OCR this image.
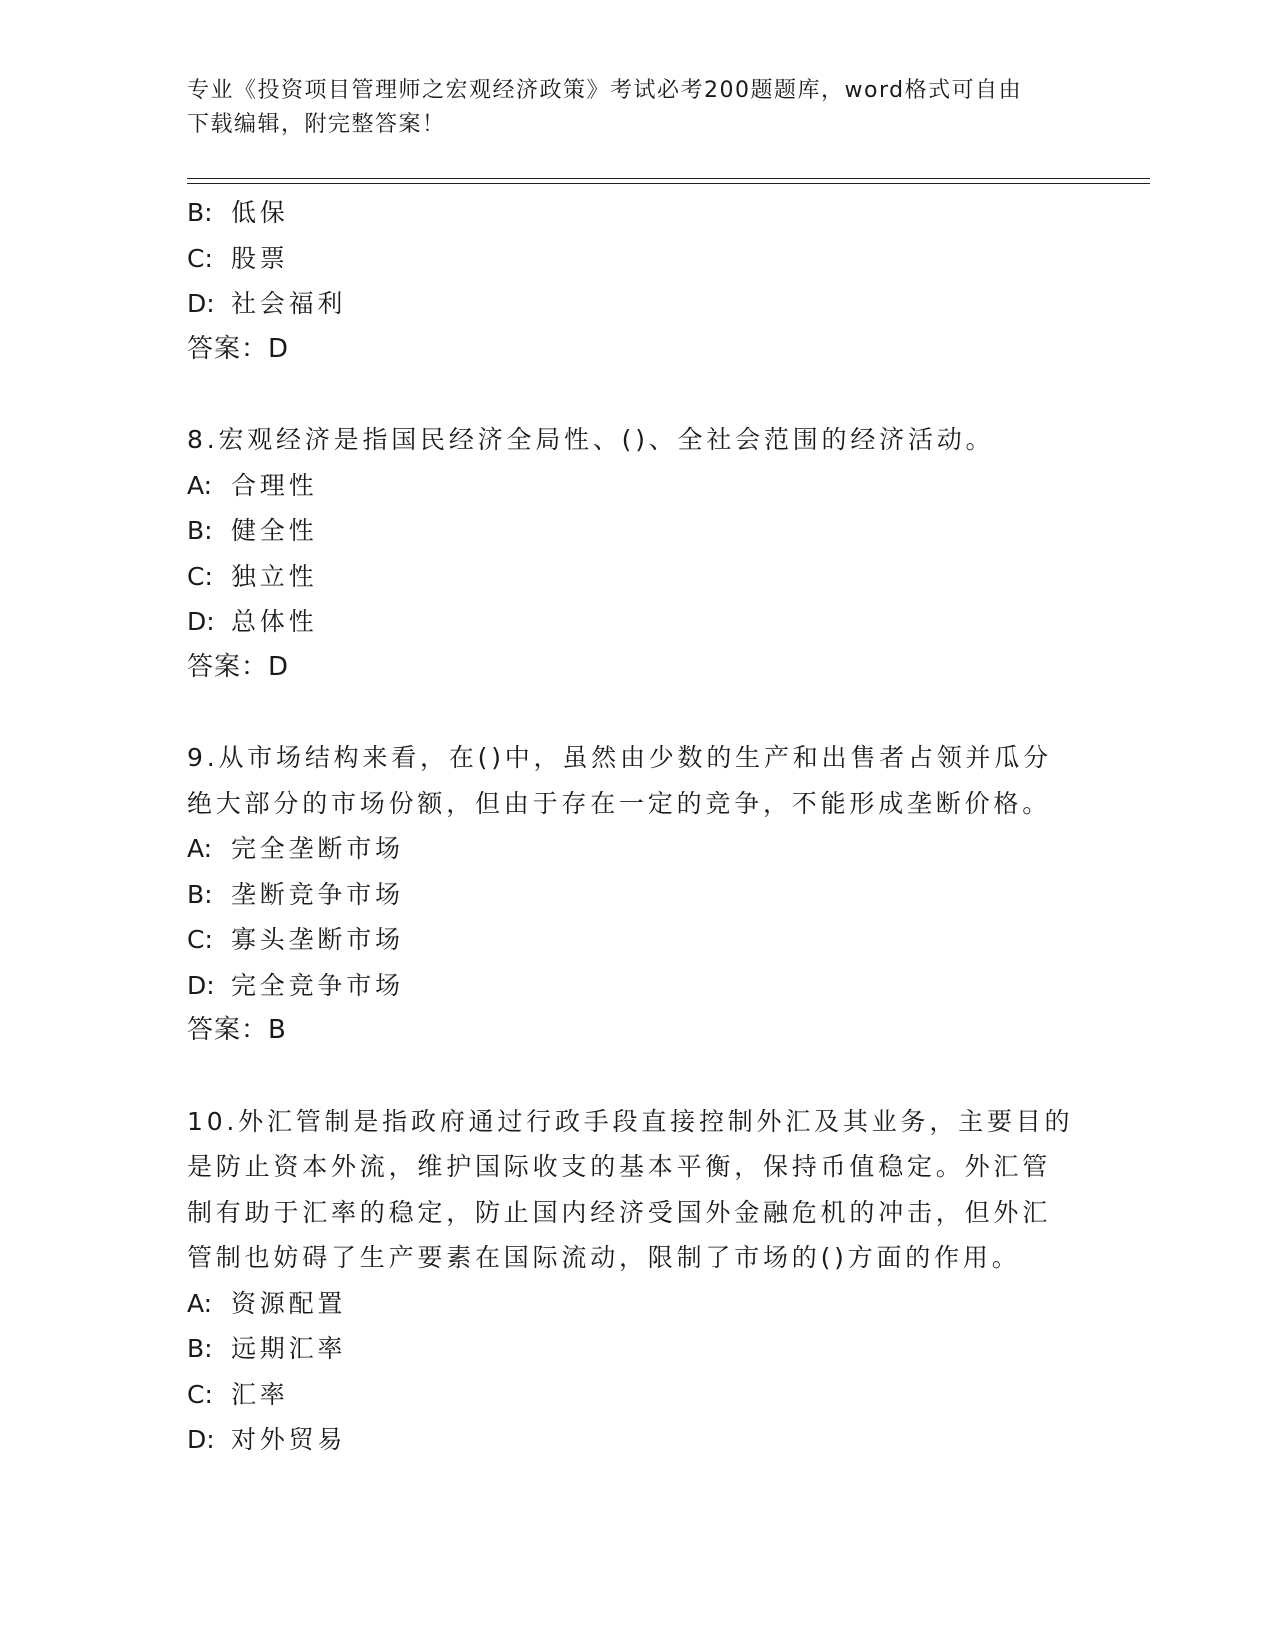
专业《投资项目管理师之宏观经济政策》考试必考200题题库，word格式可自由
下载编辑，附完整答案！

B: 低保

C: 股票

D: 社会福利

答案：D

8.宏观经济是指国民经济全局性、()、全社会范围的经济活动。

A: 合理性

B: 健全性

C: 独立性

D: 总体性

答案：D

9.从市场结构来看，在()中，虽然由少数的生产和出售者占领并瓜分

绝大部分的市场份额，但由于存在一定的竞争，不能形成垄断价格。

A: 完全垄断市场

B: 垄断竞争市场

C: 寡头垄断市场

D: 完全竞争市场

答案：B

10.外汇管制是指政府通过行政手段直接控制外汇及其业务，主要目的

是防止资本外流，维护国际收支的基本平衡，保持币值稳定。外汇管

制有助于汇率的稳定，防止国内经济受国外金融危机的冲击，但外汇

管制也妨碍了生产要素在国际流动，限制了市场的()方面的作用。

A: 资源配置

B: 远期汇率

C: 汇率

D: 对外贸易
